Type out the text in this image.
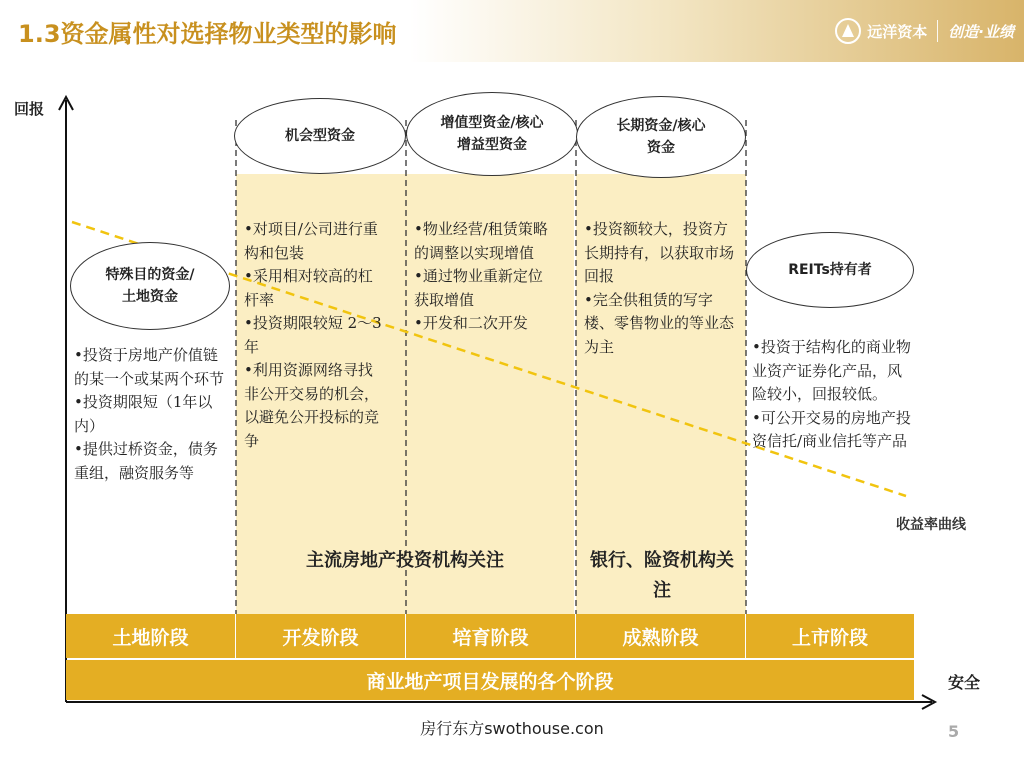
1.3资金属性对选择物业类型的影响	远洋资本 创造·业绩
回报
安全
收益率曲线
特殊目的资金/土地资金
机会型资金
增值型资金/核心增益型资金
长期资金/核心资金
REITs持有者

•投资于房地产价值链的某一个或某两个环节

•投资期限短（1年以内）

•提供过桥资金，债务重组，融资服务等

•对项目/公司进行重构和包装

•采用相对较高的杠杆率

•投资期限较短 2～3年

•利用资源网络寻找非公开交易的机会，以避免公开投标的竞争

•物业经营/租赁策略的调整以实现增值

•通过物业重新定位获取增值

•开发和二次开发

•投资额较大，投资方长期持有，以获取市场回报

•完全供租赁的写字楼、零售物业的等业态为主	•投资于结构化的商业物业资产证券化产品，风险较小，回报较低。

•可公开交易的房地产投资信托/商业信托等产品

主流房地产投资机构关注	银行、险资机构关注
土地阶段	开发阶段	培育阶段	成熟阶段	上市阶段
商业地产项目发展的各个阶段
房行东方swothouse.con	5
